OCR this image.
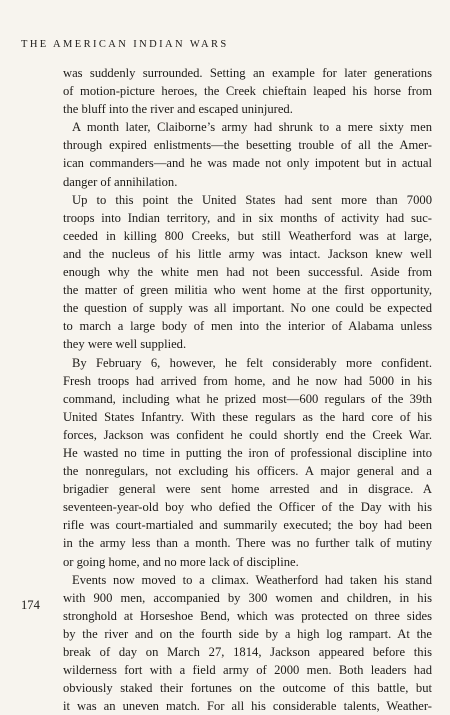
THE AMERICAN INDIAN WARS

was suddenly surrounded. Setting an example for later generations
of motion-picture heroes, the Creek chieftain leaped his horse from
the bluff into the river and escaped uninjured.

A month later, Claiborne’s army had shrunk to a mere sixty men
through expired enlistments—the besetting trouble of all the Amer-
ican commanders—and he was made not only impotent but in actual
danger of annihilation.

Up to this point the United States had sent more than 7000
troops into Indian territory, and in six months of activity had suc-
ceeded in killing 800 Creeks, but still Weatherford was at large,
and the nucleus of his little army was intact. Jackson knew well
enough why the white men had not been successful. Aside from
the matter of green militia who went home at the first opportunity,
the question of supply was all important. No one could be expected
to march a large body of men into the interior of Alabama unless
they were well supplied.

By February 6, however, he felt considerably more confident.
Fresh troops had arrived from home, and he now had 5000 in his
command, including what he prized most—600 regulars of the 39th
United States Infantry. With these regulars as the hard core of his
forces, Jackson was confident he could shortly end the Creek War.
He wasted no time in putting the iron of professional discipline into
the nonregulars, not excluding his officers. A major general and a
brigadier general were sent home arrested and in disgrace. A
seventeen-year-old boy who defied the Officer of the Day with his
rifle was court-martialed and summarily executed; the boy had been
in the army less than a month. There was no further talk of mutiny
or going home, and no more lack of discipline.

Events now moved to a climax. Weatherford had taken his stand
with 900 men, accompanied by 300 women and children, in his
stronghold at Horseshoe Bend, which was protected on three sides
by the river and on the fourth side by a high log rampart. At the
break of day on March 27, 1814, Jackson appeared before this
wilderness fort with a field army of 2000 men. Both leaders had
obviously staked their fortunes on the outcome of this battle, but
it was an uneven match. For all his considerable talents, Weather-

174
